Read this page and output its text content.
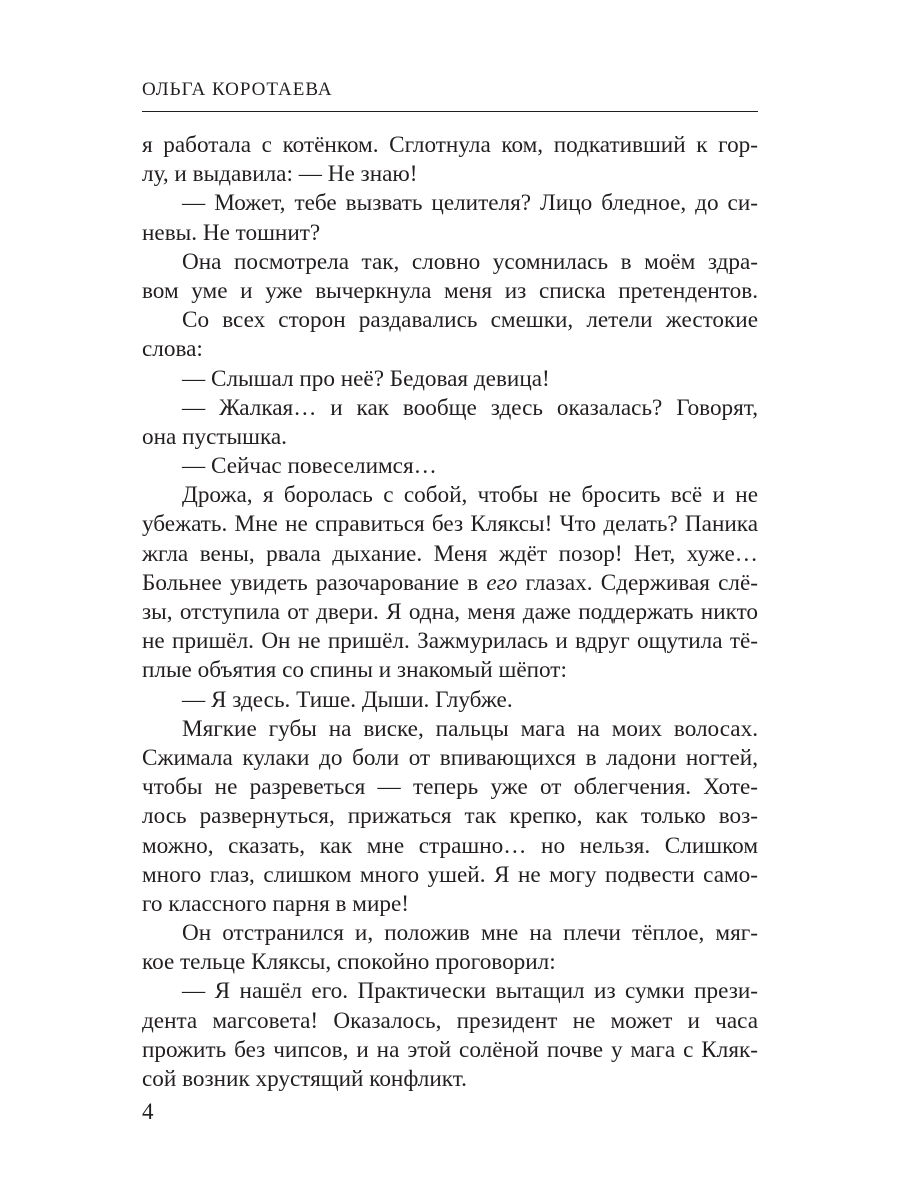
ОЛЬГА КОРОТАЕВА
я работала с котёнком. Сглотнула ком, подкативший к гор-
лу, и выдавила: — Не знаю!
— Может, тебе вызвать целителя? Лицо бледное, до си-
невы. Не тошнит?
Она посмотрела так, словно усомнилась в моём здра-
вом уме и уже вычеркнула меня из списка претендентов.
Со всех сторон раздавались смешки, летели жестокие
слова:
— Слышал про неё? Бедовая девица!
— Жалкая… и как вообще здесь оказалась? Говорят,
она пустышка.
— Сейчас повеселимся…
Дрожа, я боролась с собой, чтобы не бросить всё и не
убежать. Мне не справиться без Кляксы! Что делать? Паника
жгла вены, рвала дыхание. Меня ждёт позор! Нет, хуже…
Больнее увидеть разочарование в его глазах. Сдерживая слё-
зы, отступила от двери. Я одна, меня даже поддержать никто
не пришёл. Он не пришёл. Зажмурилась и вдруг ощутила тё-
плые объятия со спины и знакомый шёпот:
— Я здесь. Тише. Дыши. Глубже.
Мягкие губы на виске, пальцы мага на моих волосах.
Сжимала кулаки до боли от впивающихся в ладони ногтей,
чтобы не разреветься — теперь уже от облегчения. Хоте-
лось развернуться, прижаться так крепко, как только воз-
можно, сказать, как мне страшно… но нельзя. Слишком
много глаз, слишком много ушей. Я не могу подвести само-
го классного парня в мире!
Он отстранился и, положив мне на плечи тёплое, мяг-
кое тельце Кляксы, спокойно проговорил:
— Я нашёл его. Практически вытащил из сумки прези-
дента магсовета! Оказалось, президент не может и часа
прожить без чипсов, и на этой солёной почве у мага с Кляк-
сой возник хрустящий конфликт.
4
